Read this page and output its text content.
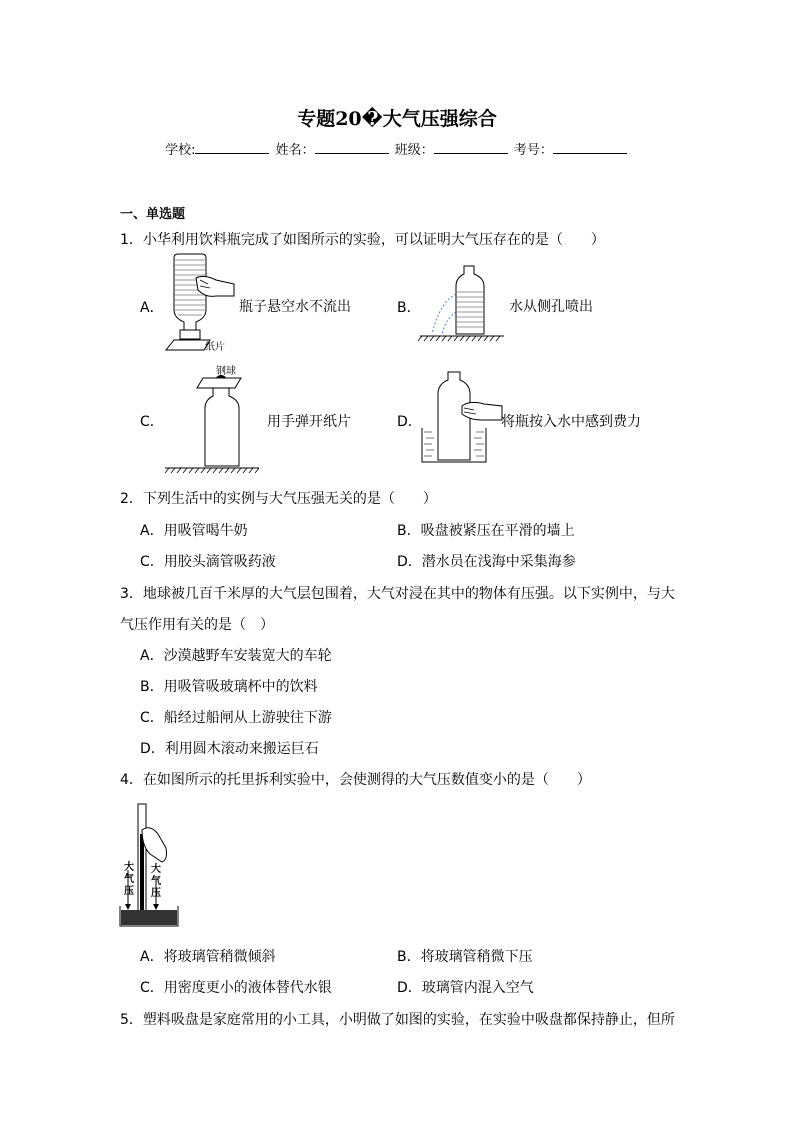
专题20�大气压强综合
学校:	姓名：	班级：	考号：
一、单选题
1．小华利用饮料瓶完成了如图所示的实验，可以证明大气压存在的是（　　）
A．
纸片
瓶子悬空水不流出	B．	水从侧孔喷出
C．
钢球
用手弹开纸片	D．	将瓶按入水中感到费力
2．下列生活中的实例与大气压强无关的是（　　）
A．用吸管喝牛奶	B．吸盘被紧压在平滑的墙上
C．用胶头滴管吸药液	D．潜水员在浅海中采集海参
3．地球被几百千米厚的大气层包围着，大气对浸在其中的物体有压强。以下实例中，与大
气压作用有关的是（　）
A．沙漠越野车安装宽大的车轮
B．用吸管吸玻璃杯中的饮料
C．船经过船闸从上游驶往下游
D．利用圆木滚动来搬运巨石
4．在如图所示的托里拆利实验中，会使测得的大气压数值变小的是（　　）
大
气
压
大
气
压
A．将玻璃管稍微倾斜	B．将玻璃管稍微下压
C．用密度更小的液体替代水银	D．玻璃管内混入空气
5．塑料吸盘是家庭常用的小工具，小明做了如图的实验，在实验中吸盘都保持静止，但所
